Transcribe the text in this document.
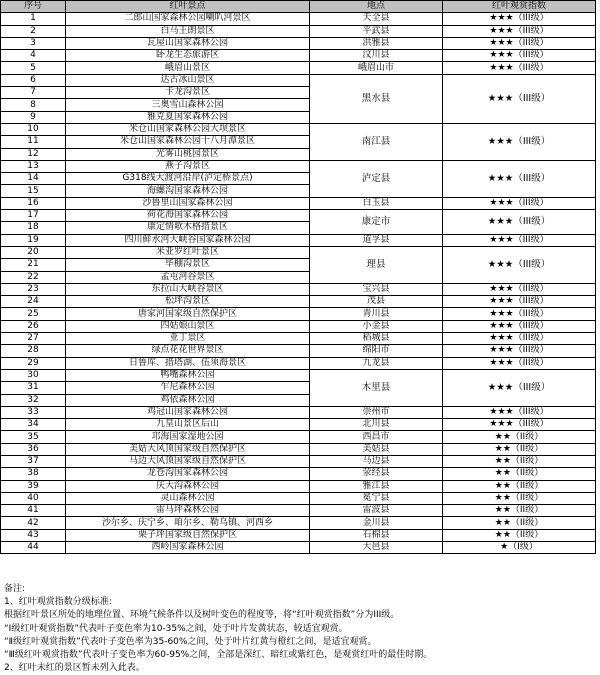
序号	红叶景点	地点	红叶观赏指数
1	二郎山国家森林公园喇叭河景区	天全县	★★★（III级）
2	白马王朗景区	平武县	★★★（III级）
3	瓦屋山国家森林公园	洪雅县	★★★（III级）
4	卧龙生态旅游区	汶川县	★★★（III级）
5	峨眉山景区	峨眉山市	★★★（III级）
6	达古冰山景区	黑水县	★★★（III级）
7	卡龙沟景区		
8	三奥雪山森林公园		
9	雅克夏国家森林公园		
10	米仓山国家森林公园大坝景区	南江县	★★★（III级）
11	米仓山国家森林公园十八月潭景区		
12	光雾山桃园景区		
13	燕子沟景区	泸定县	★★★（III级）
14	G318线大渡河沿岸(泸定桥景点)		
15	海螺沟国家森林公园		
16	沙鲁里山国家森林公园	白玉县	★★★（III级）
17	荷花海国家森林公园	康定市	★★★（III级）
18	康定情歌木格措景区		
19	四川鲜水河大峡谷国家森林公园	道孚县	★★★（III级）
20	米亚罗红叶景区	理县	★★★（III级）
21	毕棚沟景区		
22	孟屯河谷景区		
23	东拉山大峡谷景区	宝兴县	★★★（III级）
24	松坪沟景区	茂县	★★★（III级）
25	唐家河国家级自然保护区	青川县	★★★（III级）
26	四姑娘山景区	小金县	★★★（III级）
27	亚丁景区	稻城县	★★★（III级）
28	绿点花花世界景区	绵阳市	★★★（III级）
29	日鲁库、措塔湖、伍须海景区	九龙县	★★★（III级）
30	鸭嘴森林公园	木里县	★★★（III级）
31	乍尼森林公园		
32	鸡依森林公园		
33	鸡冠山国家森林公园	崇州市	★★★（III级）
34	九皇山景区后山	北川县	★★★（III级）
35	邛海国家湿地公园	西昌市	★★（II级）
36	美姑大风顶国家级自然保护区	美姑县	★★（II级）
37	马边大风顶国家级自然保护区	马边县	★★（II级）
38	龙苍沟国家森林公园	荥经县	★★（II级）
39	庆大沟森林公园	雅江县	★★（II级）
40	灵山森林公园	冕宁县	★★（II级）
41	雷马坪森林公园	雷波县	★★（II级）
42	沙尔乡、庆宁乡、咱尔乡、勒乌镇、河西乡	金川县	★★（II级）
43	栗子坪国家级自然保护区	石棉县	★★（II级）
44	西岭国家森林公园	大邑县	★（I级）
备注:
1、红叶观赏指数分级标准:
根据红叶景区所处的地理位置、环境气候条件以及树叶变色的程度等，将“红叶观赏指数”分为III级。
“Ⅰ级红叶观赏指数”代表叶子变色率为10-35%之间，处于叶片发黄状态，较适宜观赏。
“Ⅱ级红叶观赏指数”代表叶子变色率为35-60%之间，处于叶片红黄与橙红之间，是适宜观赏。
“Ⅲ级红叶观赏指数”代表叶子变色率为60-95%之间，全部是深红、暗红或紫红色，是观赏红叶的最佳时期。
2、红叶未红的景区暂未列入此表。
